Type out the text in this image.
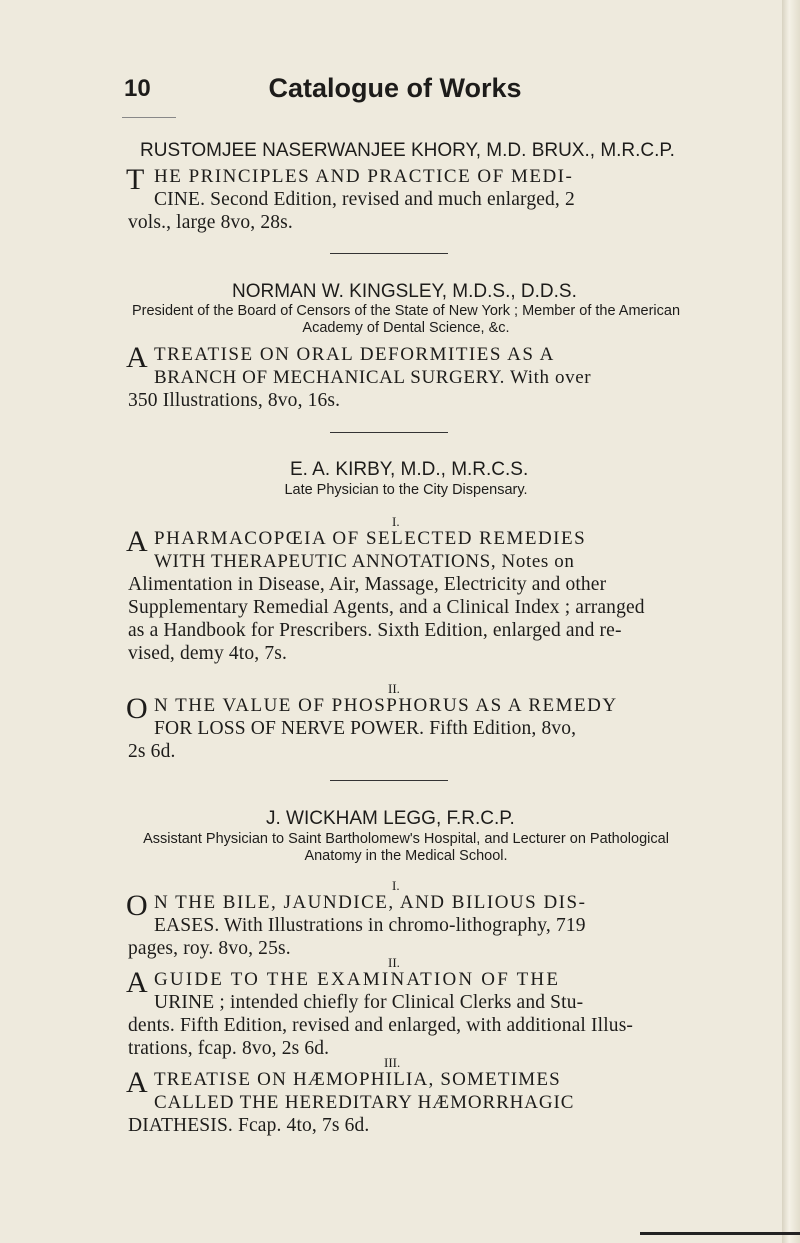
10	Catalogue of Works
RUSTOMJEE NASERWANJEE KHORY, M.D. BRUX., M.R.C.P.
T HE PRINCIPLES AND PRACTICE OF MEDI-
CINE. Second Edition, revised and much enlarged, 2
vols., large 8vo, 28s.
NORMAN W. KINGSLEY, M.D.S., D.D.S.
President of the Board of Censors of the State of New York ; Member of the American Academy of Dental Science, &c.
A TREATISE ON ORAL DEFORMITIES AS A
BRANCH OF MECHANICAL SURGERY. With over
350 Illustrations, 8vo, 16s.
E. A. KIRBY, M.D., M.R.C.S.
Late Physician to the City Dispensary.
I.
A PHARMACOPŒIA OF SELECTED REMEDIES
WITH THERAPEUTIC ANNOTATIONS, Notes on
Alimentation in Disease, Air, Massage, Electricity and other
Supplementary Remedial Agents, and a Clinical Index ; arranged
as a Handbook for Prescribers. Sixth Edition, enlarged and re-
vised, demy 4to, 7s.
II.
O N THE VALUE OF PHOSPHORUS AS A REMEDY
FOR LOSS OF NERVE POWER. Fifth Edition, 8vo,
2s 6d.
J. WICKHAM LEGG, F.R.C.P.
Assistant Physician to Saint Bartholomew's Hospital, and Lecturer on Pathological Anatomy in the Medical School.
I.
O N THE BILE, JAUNDICE, AND BILIOUS DIS-
EASES. With Illustrations in chromo-lithography, 719
pages, roy. 8vo, 25s.
II.
A GUIDE TO THE EXAMINATION OF THE
URINE ; intended chiefly for Clinical Clerks and Stu-
dents. Fifth Edition, revised and enlarged, with additional Illus-
trations, fcap. 8vo, 2s 6d.
III.
A TREATISE ON HÆMOPHILIA, SOMETIMES
CALLED THE HEREDITARY HÆMORRHAGIC
DIATHESIS. Fcap. 4to, 7s 6d.
